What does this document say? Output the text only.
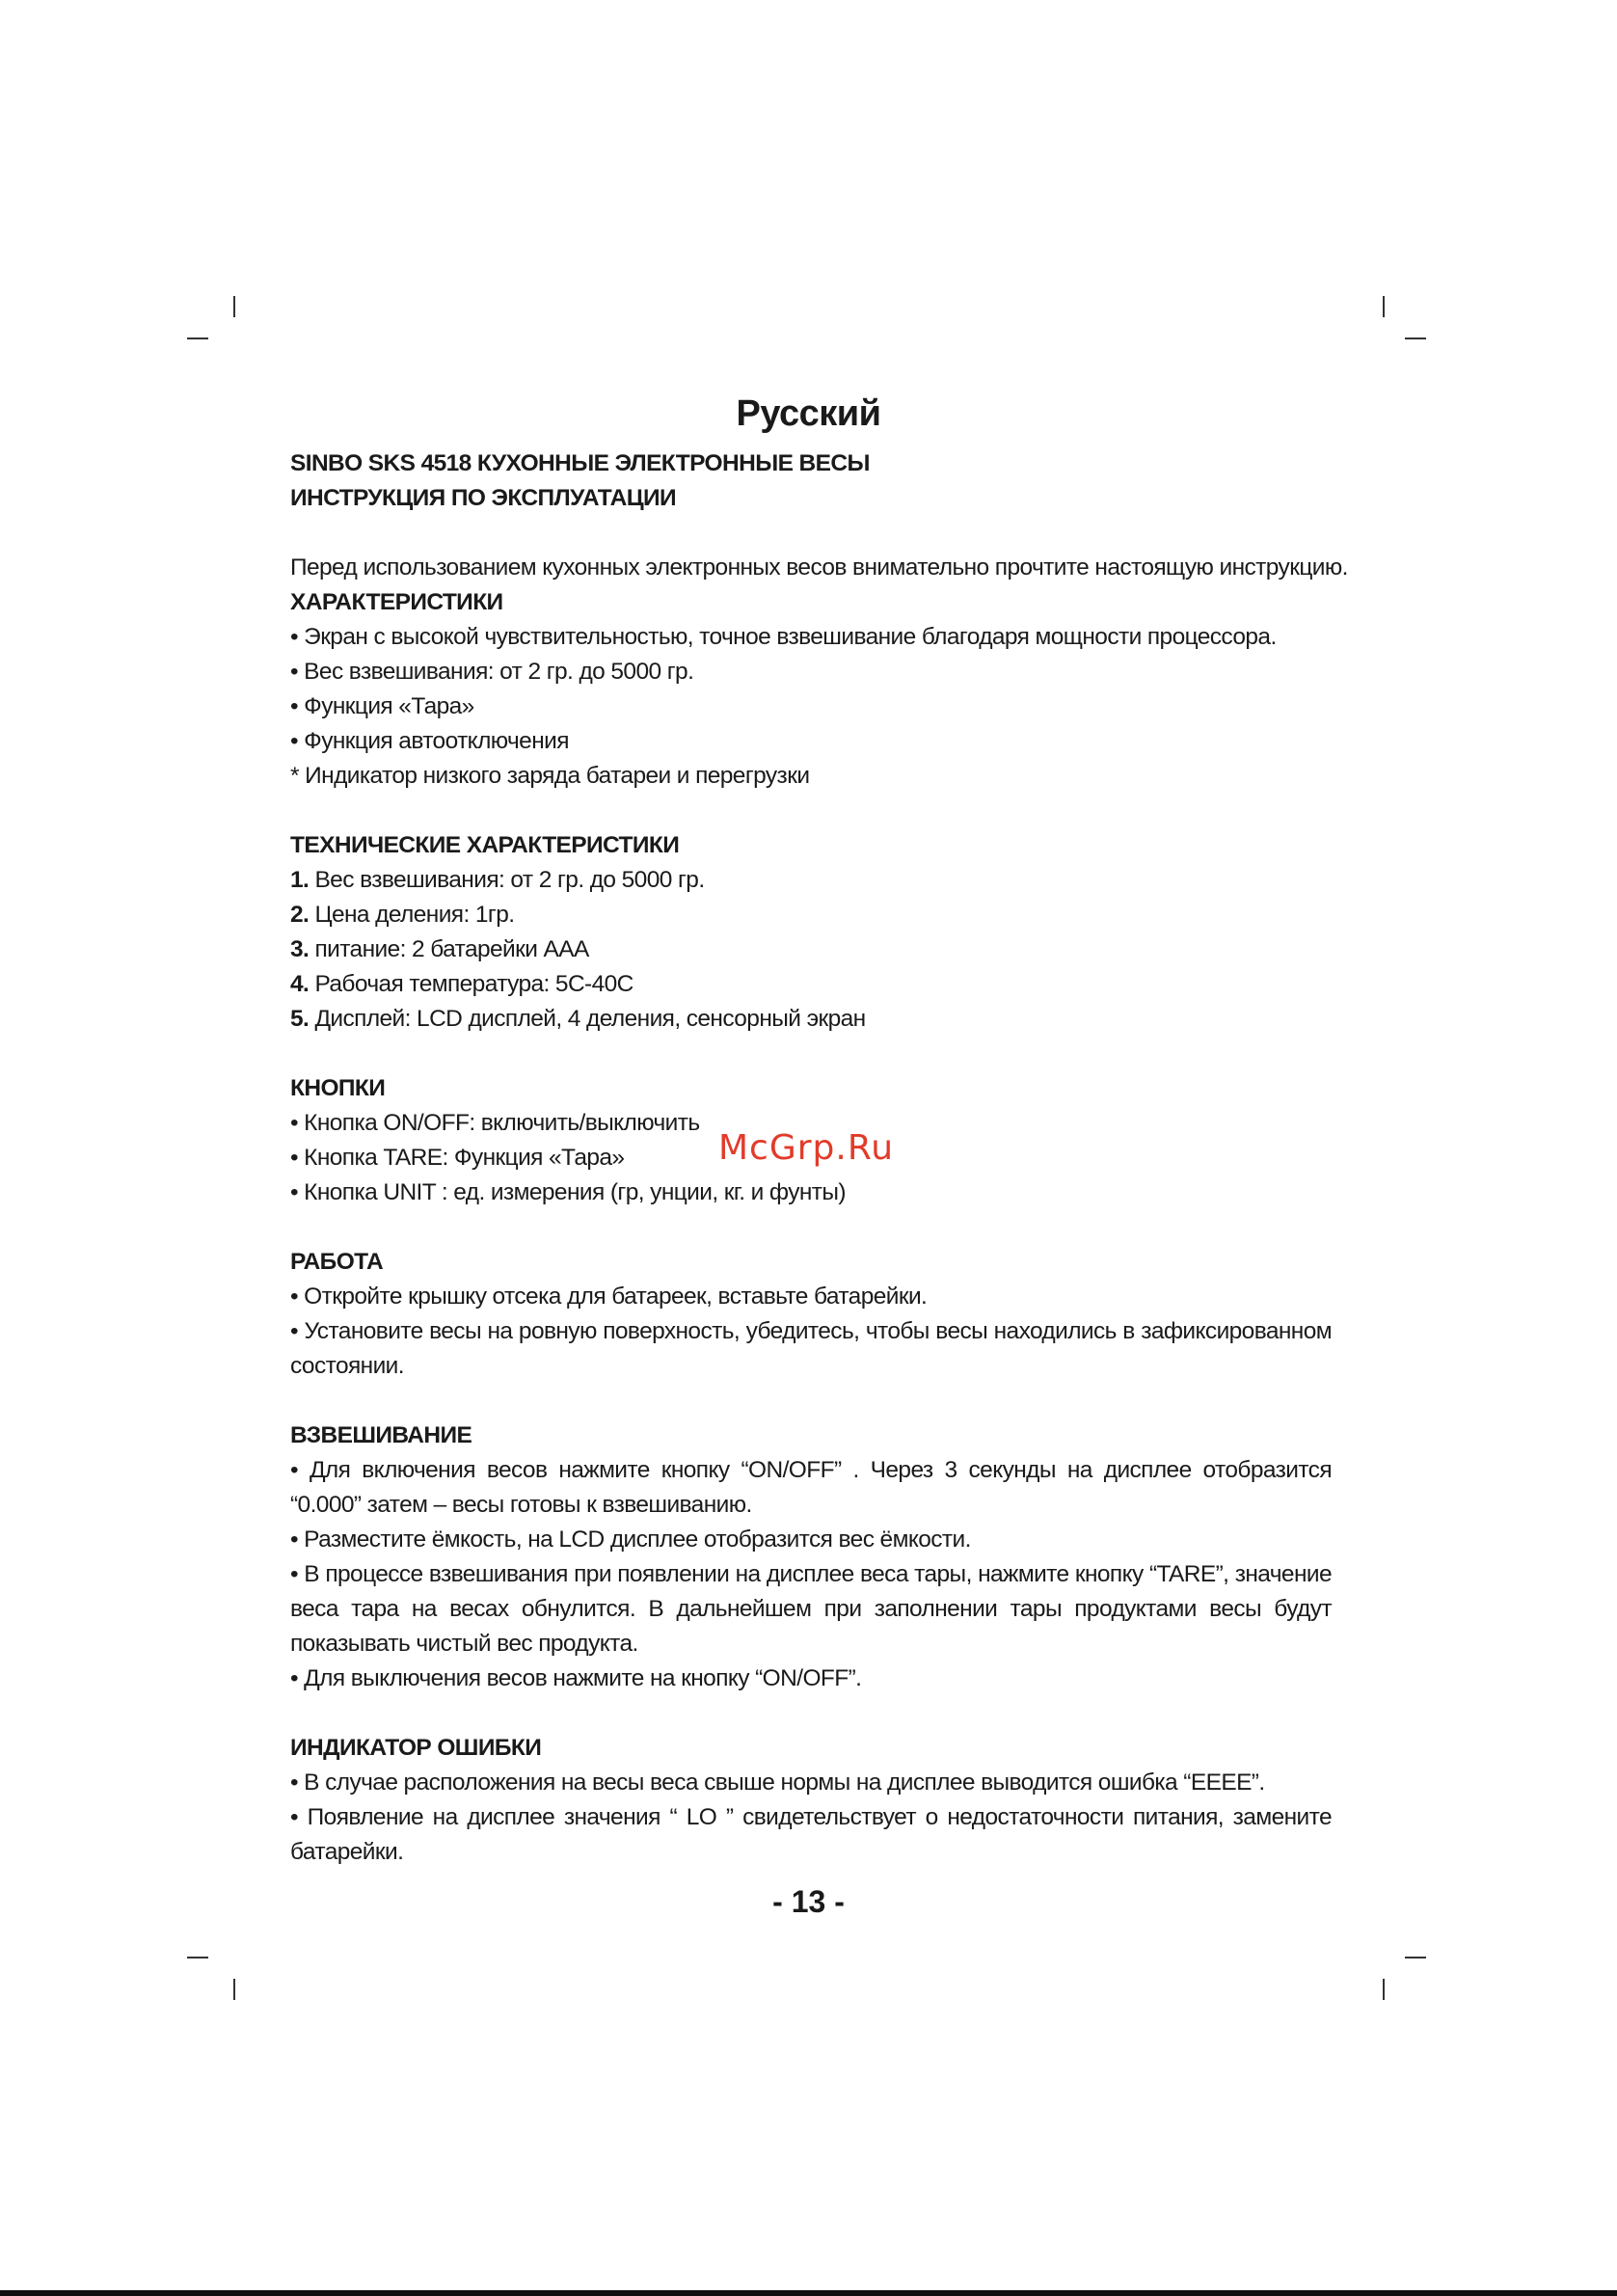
Русский
SINBO SKS 4518 КУХОННЫЕ ЭЛЕКТРОННЫЕ ВЕСЫ
ИНСТРУКЦИЯ ПО ЭКСПЛУАТАЦИИ
Перед использованием кухонных электронных весов внимательно прочтите настоящую инструкцию.
ХАРАКТЕРИСТИКИ
• Экран с высокой чувствительностью, точное взвешивание благодаря мощности процессора.
• Вес взвешивания: от 2 гр. до 5000 гр.
• Функция «Тара»
• Функция автоотключения
* Индикатор низкого заряда батареи и перегрузки
ТЕХНИЧЕСКИЕ ХАРАКТЕРИСТИКИ
1. Вес взвешивания: от 2 гр. до 5000 гр.
2. Цена деления: 1гр.
3. питание: 2 батарейки AAA
4. Рабочая температура: 5C-40C
5. Дисплей: LCD дисплей, 4 деления, сенсорный экран
КНОПКИ
• Кнопка ON/OFF: включить/выключить
• Кнопка TARE: Функция «Тара»
• Кнопка UNIT : ед. измерения (гр, унции, кг. и фунты)
РАБОТА
• Откройте крышку отсека для батареек, вставьте батарейки.
• Установите весы на ровную поверхность, убедитесь, чтобы весы находились в зафиксированном состоянии.
ВЗВЕШИВАНИЕ
• Для включения весов нажмите кнопку “ON/OFF” . Через 3 секунды на дисплее отобразится “0.000” затем – весы готовы к взвешиванию.
• Разместите ёмкость, на LCD дисплее отобразится вес ёмкости.
• В процессе взвешивания при появлении на дисплее веса тары, нажмите кнопку “TARE”, значение веса тара на весах обнулится. В дальнейшем при заполнении тары продуктами весы будут показывать чистый вес продукта.
• Для выключения весов нажмите на кнопку “ON/OFF”.
ИНДИКАТОР ОШИБКИ
• В случае расположения на весы веса свыше нормы на дисплее выводится ошибка “EEEE”.
• Появление на дисплее значения “ LO ” свидетельствует о недостаточности питания, замените батарейки.
McGrp.Ru
- 13 -
